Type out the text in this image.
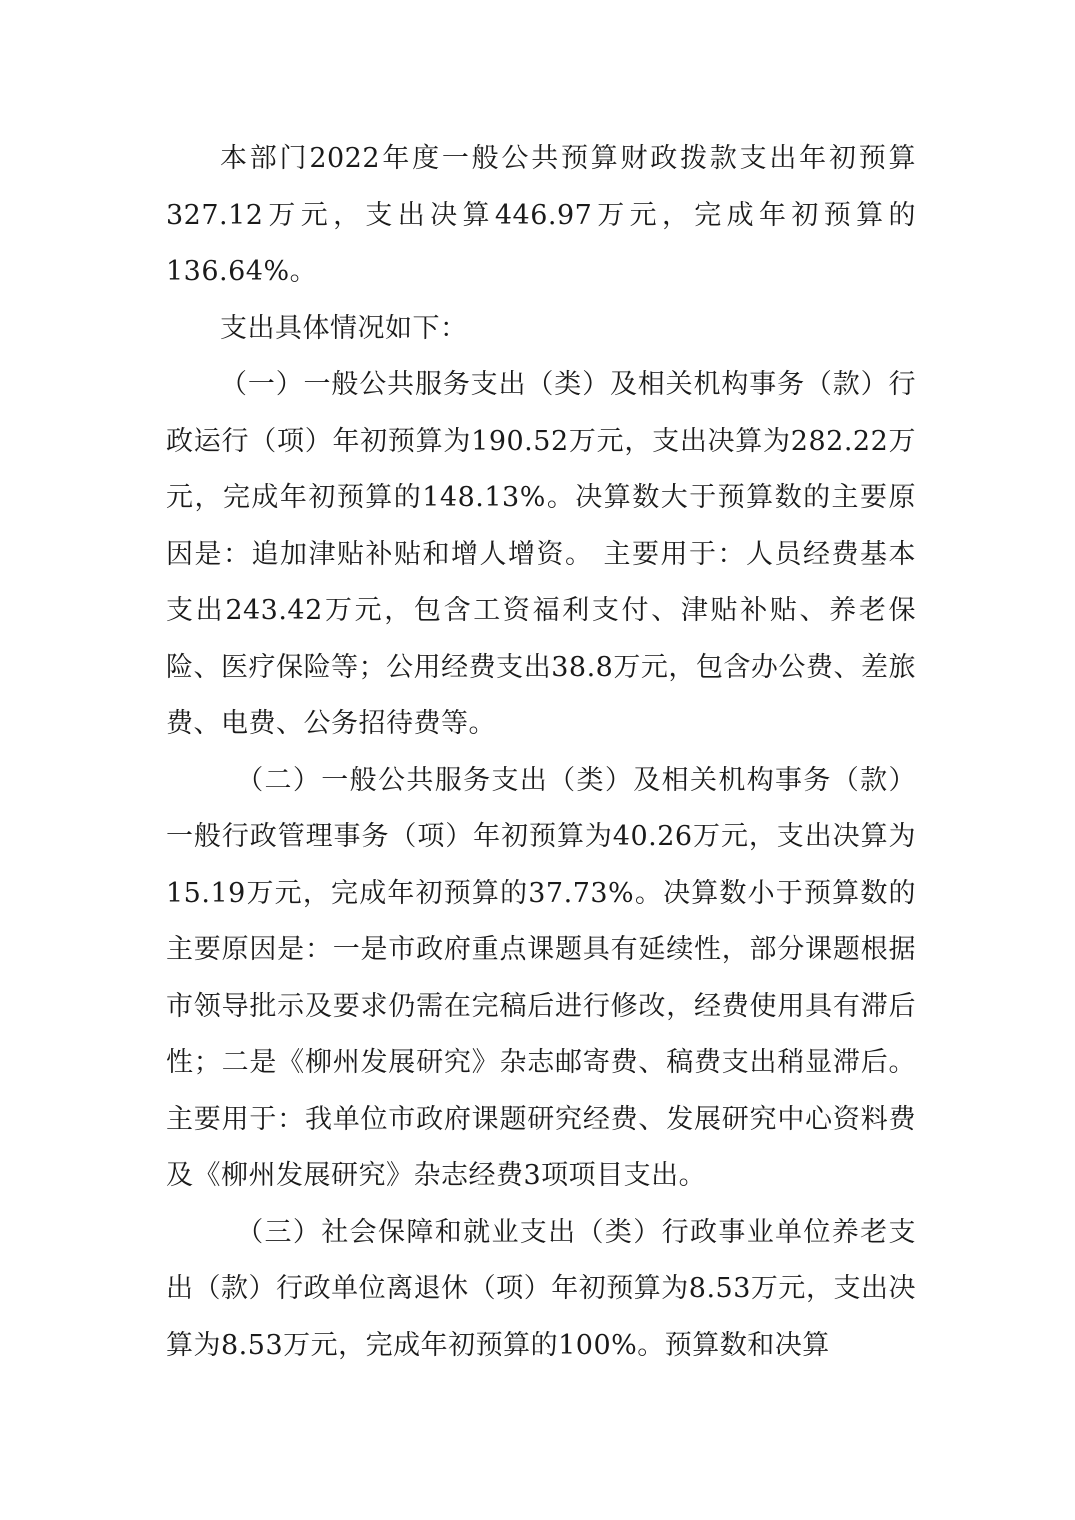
本部门2022年度一般公共预算财政拨款支出年初预算327.12万元，支出决算446.97万元，完成年初预算的136.64%。

支出具体情况如下：

（一）一般公共服务支出（类）及相关机构事务（款）行政运行（项）年初预算为190.52万元，支出决算为282.22万元，完成年初预算的148.13%。决算数大于预算数的主要原因是：追加津贴补贴和增人增资。 主要用于：人员经费基本支出243.42万元，包含工资福利支付、津贴补贴、养老保险、医疗保险等；公用经费支出38.8万元，包含办公费、差旅费、电费、公务招待费等。

（二）一般公共服务支出（类）及相关机构事务（款）一般行政管理事务（项）年初预算为40.26万元，支出决算为15.19万元，完成年初预算的37.73%。决算数小于预算数的主要原因是：一是市政府重点课题具有延续性，部分课题根据市领导批示及要求仍需在完稿后进行修改，经费使用具有滞后性；二是《柳州发展研究》杂志邮寄费、稿费支出稍显滞后。主要用于：我单位市政府课题研究经费、发展研究中心资料费及《柳州发展研究》杂志经费3项项目支出。

（三）社会保障和就业支出（类）行政事业单位养老支出（款）行政单位离退休（项）年初预算为8.53万元，支出决算为8.53万元，完成年初预算的100%。预算数和决算
